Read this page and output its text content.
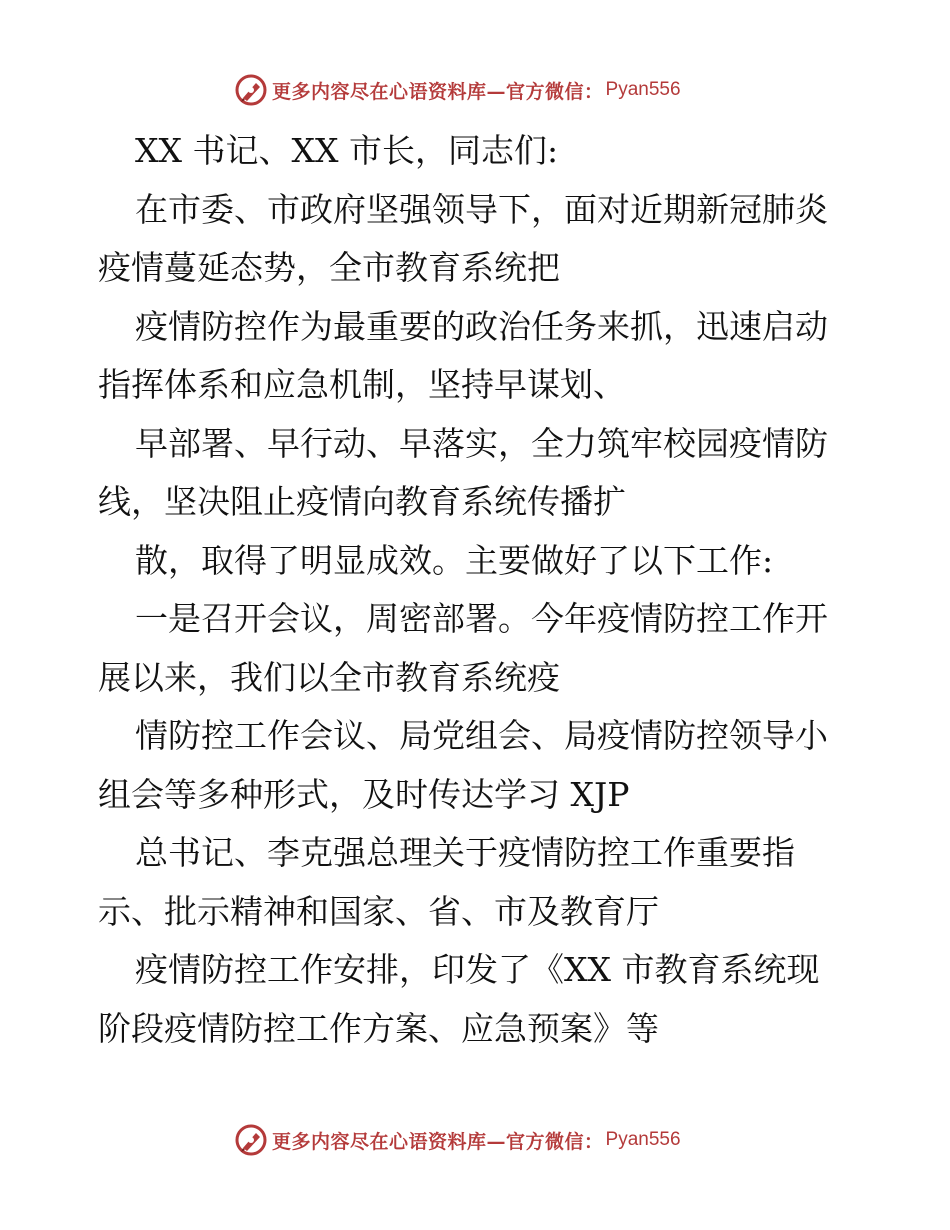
更多内容尽在心语资料库—官方微信： Pyan556
XX 书记、XX 市长，同志们:
在市委、市政府坚强领导下，面对近期新冠肺炎
疫情蔓延态势，全市教育系统把
疫情防控作为最重要的政治任务来抓，迅速启动
指挥体系和应急机制，坚持早谋划、
早部署、早行动、早落实，全力筑牢校园疫情防
线，坚决阻止疫情向教育系统传播扩
散，取得了明显成效。主要做好了以下工作:
一是召开会议，周密部署。今年疫情防控工作开
展以来，我们以全市教育系统疫
情防控工作会议、局党组会、局疫情防控领导小
组会等多种形式，及时传达学习 XJP
总书记、李克强总理关于疫情防控工作重要指
示、批示精神和国家、省、市及教育厅
疫情防控工作安排，印发了《XX 市教育系统现
阶段疫情防控工作方案、应急预案》等
更多内容尽在心语资料库—官方微信： Pyan556
